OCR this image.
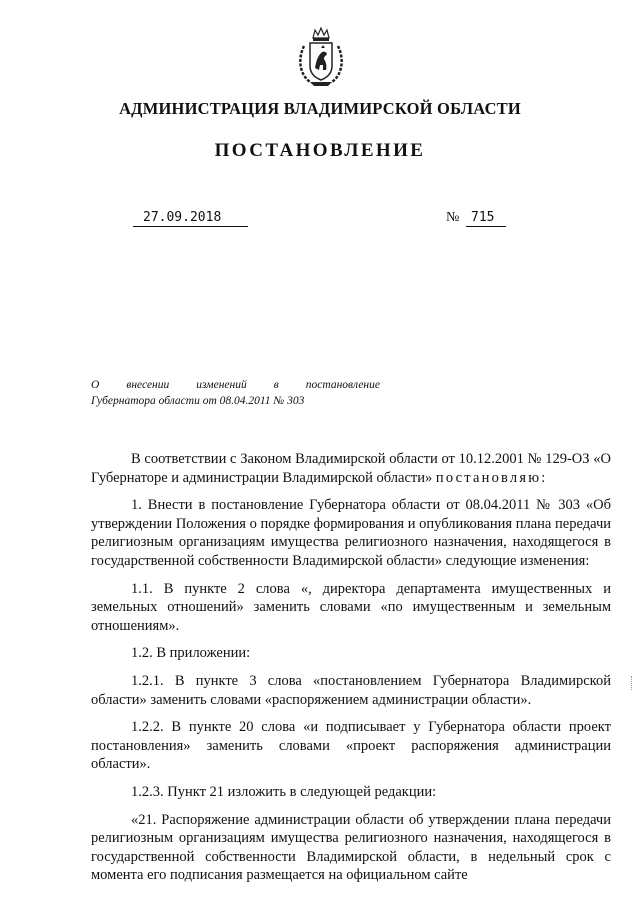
АДМИНИСТРАЦИЯ ВЛАДИМИРСКОЙ ОБЛАСТИ
ПОСТАНОВЛЕНИЕ
27.09.2018	№ 715
О внесении изменений в постановление
Губернатора области от 08.04.2011 № 303

В соответствии с Законом Владимирской области от 10.12.2001 № 129-ОЗ «О Губернаторе и администрации Владимирской области» постановляю:

1. Внести в постановление Губернатора области от 08.04.2011 № 303 «Об утверждении Положения о порядке формирования и опубликования плана передачи религиозным организациям имущества религиозного назначения, находящегося в государственной собственности Владимирской области» следующие изменения:

1.1. В пункте 2 слова «, директора департамента имущественных и земельных отношений» заменить словами «по имущественным и земельным отношениям».

1.2. В приложении:

1.2.1. В пункте 3 слова «постановлением Губернатора Владимирской области» заменить словами «распоряжением администрации области».

1.2.2. В пункте 20 слова «и подписывает у Губернатора области проект постановления» заменить словами «проект распоряжения администрации области».

1.2.3. Пункт 21 изложить в следующей редакции:

«21. Распоряжение администрации области об утверждении плана передачи религиозным организациям имущества религиозного назначения, находящегося в государственной собственности Владимирской области, в недельный срок с момента его подписания размещается на официальном сайте
